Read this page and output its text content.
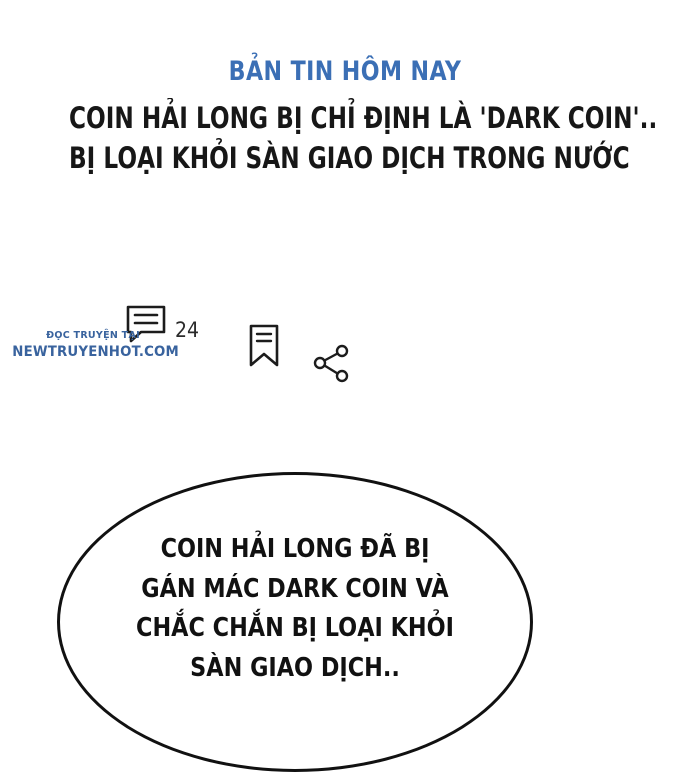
BẢN TIN HÔM NAY
COIN HẢI LONG BỊ CHỈ ĐỊNH LÀ 'DARK COIN'..
BỊ LOẠI KHỎI SÀN GIAO DỊCH TRONG NƯỚC
24
ĐỌC TRUYỆN TẠI
NEWTRUYENHOT.COM
COIN HẢI LONG ĐÃ BỊ
GÁN MÁC DARK COIN VÀ
CHẮC CHẮN BỊ LOẠI KHỎI
SÀN GIAO DỊCH..
